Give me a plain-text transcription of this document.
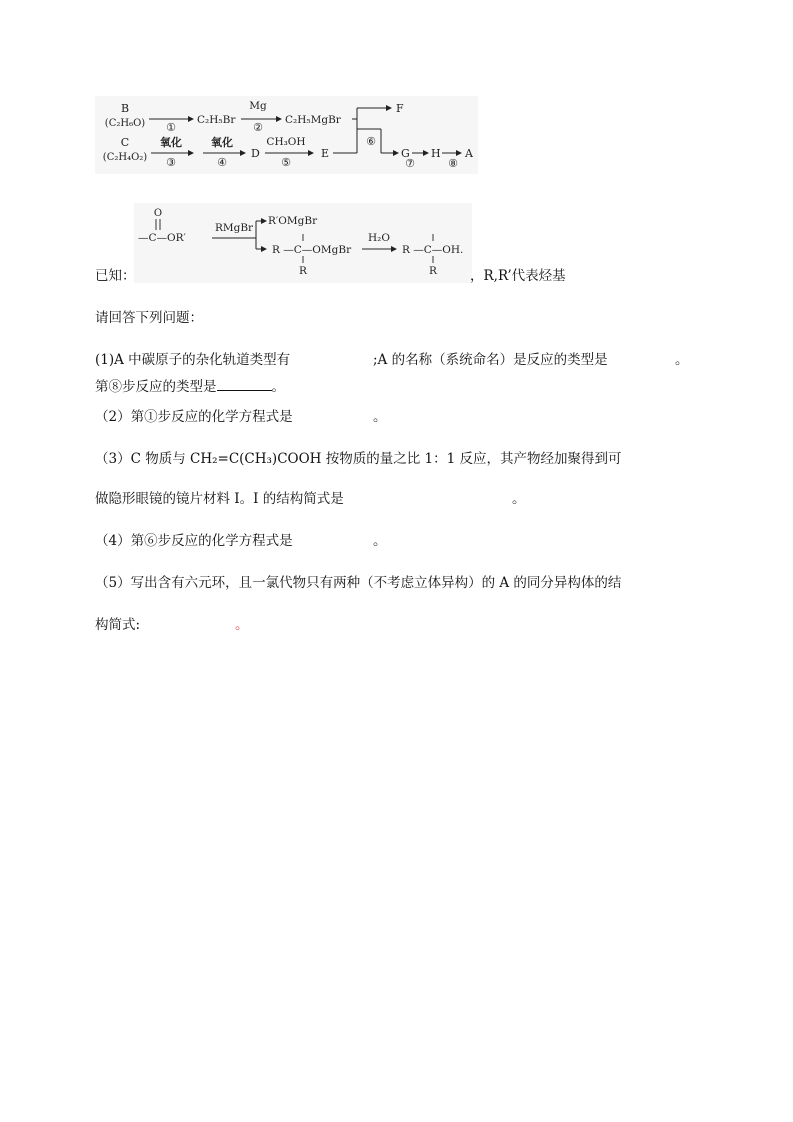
B
(C₂H₆O) ①
C₂H₅Br
Mg
②
C₂H₅MgBr
F
⑥
C
(C₂H₄O₂)
氧化
③
氧化
④
D
CH₃OH
⑤
E	G
⑦
H
⑧
A
O
—C—OR′
RMgBr
R′OMgBr
R —C—OMgBr
R
H₂O
R —C—OH.
R
已知：	，R,R’代表烃基
请回答下列问题：
(1)A 中碳原子的杂化轨道类型有	;A 的名称（系统命名）是反应的类型是	。
第⑧步反应的类型是	。
（2）第①步反应的化学方程式是	。
（3）C 物质与 CH₂=C(CH₃)COOH 按物质的量之比 1：1 反应，其产物经加聚得到可
做隐形眼镜的镜片材料 I。I 的结构简式是	。
（4）第⑥步反应的化学方程式是	。
（5）写出含有六元环，且一氯代物只有两种（不考虑立体异构）的 A 的同分异构体的结
构简式:	。
